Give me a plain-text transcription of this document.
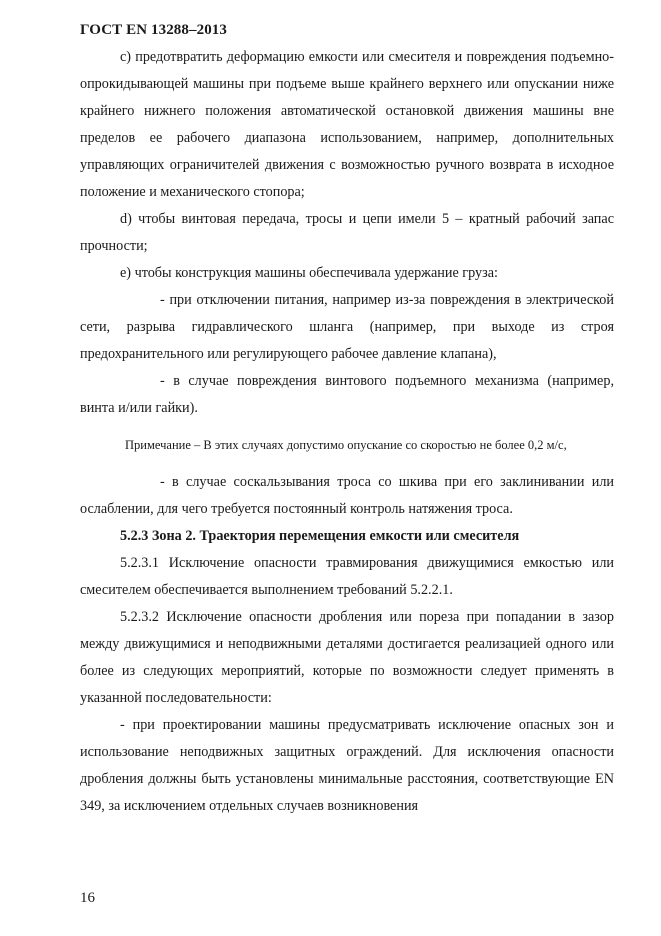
ГОСТ EN 13288–2013

c) предотвратить деформацию емкости или смесителя и повреждения подъемно-опрокидывающей машины при подъеме выше крайнего верхнего или опускании ниже крайнего нижнего положения автоматической остановкой движения машины вне пределов ее рабочего диапазона использованием, например, дополнительных управляющих ограничителей движения с возможностью ручного возврата в исходное положение и механического стопора;

d) чтобы винтовая передача, тросы и цепи имели 5 – кратный рабочий запас прочности;

е) чтобы конструкция машины обеспечивала удержание груза:

- при отключении питания, например из-за повреждения в электрической сети, разрыва гидравлического шланга (например, при выходе из строя предохранительного или регулирующего рабочее давление клапана),

- в случае повреждения винтового подъемного механизма (например, винта и/или гайки).

Примечание – В этих случаях допустимо опускание со скоростью не более 0,2 м/с,

- в случае соскальзывания троса со шкива при его заклинивании или ослаблении, для чего требуется постоянный контроль натяжения троса.

5.2.3 Зона 2. Траектория перемещения емкости или смесителя

5.2.3.1 Исключение опасности травмирования движущимися емкостью или смесителем обеспечивается выполнением требований 5.2.2.1.

5.2.3.2 Исключение опасности дробления или пореза при попадании в зазор между движущимися и неподвижными деталями достигается реализацией одного или более из следующих мероприятий, которые по возможности следует применять в указанной последовательности:

- при проектировании машины предусматривать исключение опасных зон и использование неподвижных защитных ограждений. Для исключения опасности дробления должны быть установлены минимальные расстояния, соответствующие EN 349, за исключением отдельных случаев возникновения

16
